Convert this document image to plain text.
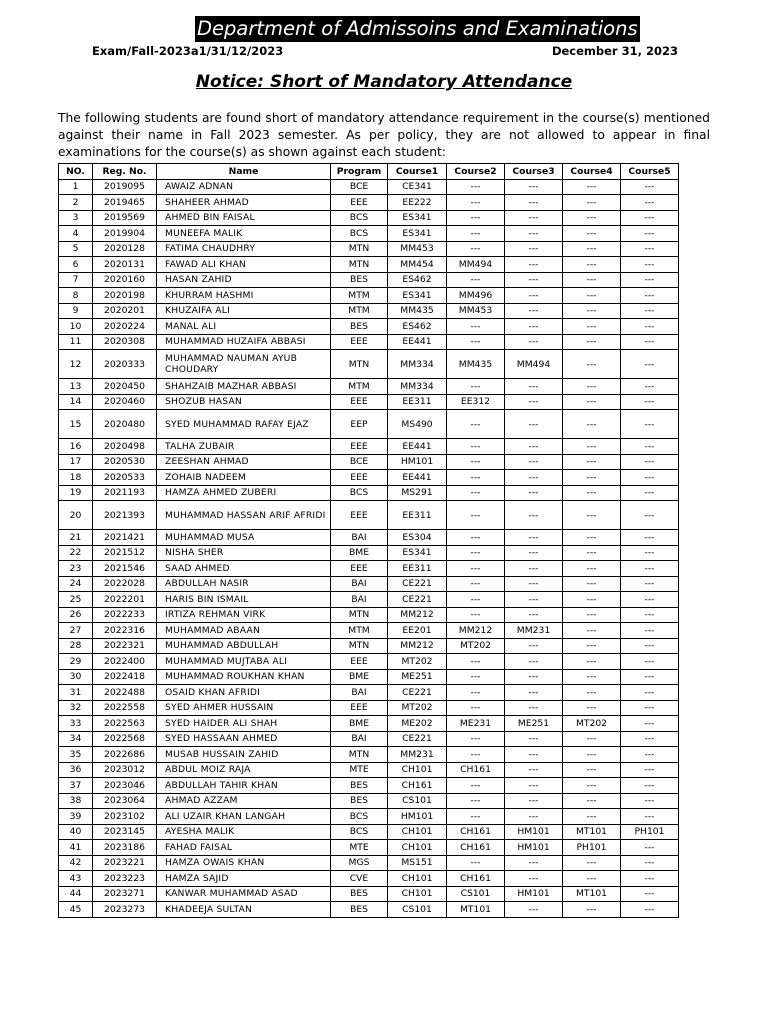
Department of Admissoins and Examinations
Exam/Fall-2023a1/31/12/2023	December 31, 2023
Notice: Short of Mandatory Attendance
The following students are found short of mandatory attendance requirement in the course(s) mentioned against their name in Fall 2023 semester. As per policy, they are not allowed to appear in final examinations for the course(s) as shown against each student:
NO.	Reg. No.	Name	Program	Course1	Course2	Course3	Course4	Course5
1	2019095	AWAIZ ADNAN	BCE	CE341	---	---	---	---
2	2019465	SHAHEER AHMAD	EEE	EE222	---	---	---	---
3	2019569	AHMED BIN FAISAL	BCS	ES341	---	---	---	---
4	2019904	MUNEEFA MALIK	BCS	ES341	---	---	---	---
5	2020128	FATIMA CHAUDHRY	MTN	MM453	---	---	---	---
6	2020131	FAWAD ALI KHAN	MTN	MM454	MM494	---	---	---
7	2020160	HASAN ZAHID	BES	ES462	---	---	---	---
8	2020198	KHURRAM HASHMI	MTM	ES341	MM496	---	---	---
9	2020201	KHUZAIFA ALI	MTM	MM435	MM453	---	---	---
10	2020224	MANAL ALI	BES	ES462	---	---	---	---
11	2020308	MUHAMMAD HUZAIFA ABBASI	EEE	EE441	---	---	---	---
12	2020333	MUHAMMAD NAUMAN AYUB CHOUDARY	MTN	MM334	MM435	MM494	---	---
13	2020450	SHAHZAIB MAZHAR ABBASI	MTM	MM334	---	---	---	---
14	2020460	SHOZUB HASAN	EEE	EE311	EE312	---	---	---
15	2020480	SYED MUHAMMAD RAFAY EJAZ	EEP	MS490	---	---	---	---
16	2020498	TALHA ZUBAIR	EEE	EE441	---	---	---	---
17	2020530	ZEESHAN AHMAD	BCE	HM101	---	---	---	---
18	2020533	ZOHAIB NADEEM	EEE	EE441	---	---	---	---
19	2021193	HAMZA AHMED ZUBERI	BCS	MS291	---	---	---	---
20	2021393	MUHAMMAD HASSAN ARIF AFRIDI	EEE	EE311	---	---	---	---
21	2021421	MUHAMMAD MUSA	BAI	ES304	---	---	---	---
22	2021512	NISHA SHER	BME	ES341	---	---	---	---
23	2021546	SAAD AHMED	EEE	EE311	---	---	---	---
24	2022028	ABDULLAH NASIR	BAI	CE221	---	---	---	---
25	2022201	HARIS BIN ISMAIL	BAI	CE221	---	---	---	---
26	2022233	IRTIZA REHMAN VIRK	MTN	MM212	---	---	---	---
27	2022316	MUHAMMAD ABAAN	MTM	EE201	MM212	MM231	---	---
28	2022321	MUHAMMAD ABDULLAH	MTN	MM212	MT202	---	---	---
29	2022400	MUHAMMAD MUJTABA ALI	EEE	MT202	---	---	---	---
30	2022418	MUHAMMAD ROUKHAN KHAN	BME	ME251	---	---	---	---
31	2022488	OSAID KHAN AFRIDI	BAI	CE221	---	---	---	---
32	2022558	SYED AHMER HUSSAIN	EEE	MT202	---	---	---	---
33	2022563	SYED HAIDER ALI SHAH	BME	ME202	ME231	ME251	MT202	---
34	2022568	SYED HASSAAN AHMED	BAI	CE221	---	---	---	---
35	2022686	MUSAB HUSSAIN ZAHID	MTN	MM231	---	---	---	---
36	2023012	ABDUL MOIZ RAJA	MTE	CH101	CH161	---	---	---
37	2023046	ABDULLAH TAHIR KHAN	BES	CH161	---	---	---	---
38	2023064	AHMAD AZZAM	BES	CS101	---	---	---	---
39	2023102	ALI UZAIR KHAN LANGAH	BCS	HM101	---	---	---	---
40	2023145	AYESHA MALIK	BCS	CH101	CH161	HM101	MT101	PH101
41	2023186	FAHAD FAISAL	MTE	CH101	CH161	HM101	PH101	---
42	2023221	HAMZA OWAIS KHAN	MGS	MS151	---	---	---	---
43	2023223	HAMZA SAJID	CVE	CH101	CH161	---	---	---
44	2023271	KANWAR MUHAMMAD ASAD	BES	CH101	CS101	HM101	MT101	---
45	2023273	KHADEEJA SULTAN	BES	CS101	MT101	---	---	---
